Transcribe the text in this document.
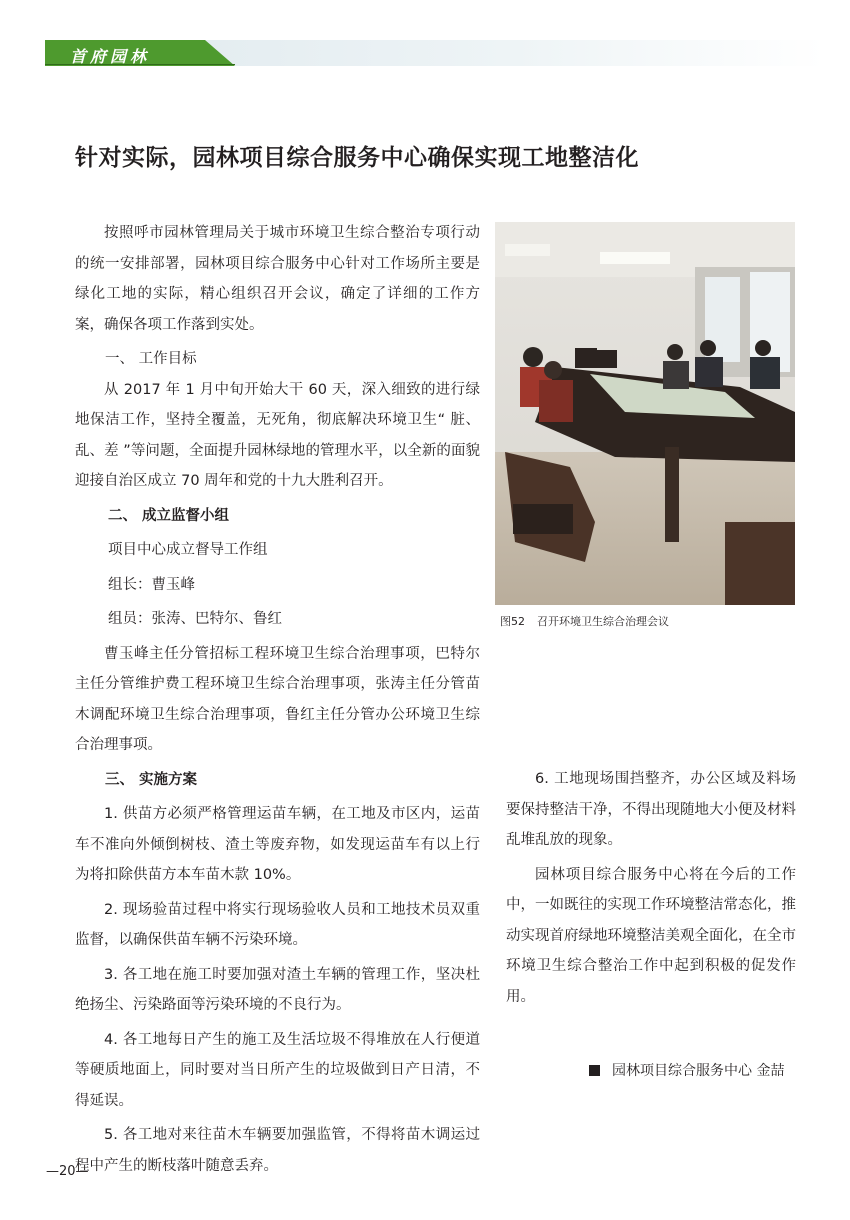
首府园林
针对实际，园林项目综合服务中心确保实现工地整洁化

按照呼市园林管理局关于城市环境卫生综合整治专项行动的统一安排部署，园林项目综合服务中心针对工作场所主要是绿化工地的实际，精心组织召开会议，确定了详细的工作方案，确保各项工作落到实处。

一、 工作目标

从 2017 年 1 月中旬开始大干 60 天，深入细致的进行绿地保洁工作，坚持全覆盖，无死角，彻底解决环境卫生“ 脏、乱、差 ”等问题，全面提升园林绿地的管理水平，以全新的面貌迎接自治区成立 70 周年和党的十九大胜利召开。

二、 成立监督小组

项目中心成立督导工作组

组长：曹玉峰

组员：张涛、巴特尔、鲁红

曹玉峰主任分管招标工程环境卫生综合治理事项，巴特尔主任分管维护费工程环境卫生综合治理事项，张涛主任分管苗木调配环境卫生综合治理事项，鲁红主任分管办公环境卫生综合治理事项。

三、 实施方案

1. 供苗方必须严格管理运苗车辆，在工地及市区内，运苗车不准向外倾倒树枝、渣土等废弃物，如发现运苗车有以上行为将扣除供苗方本车苗木款 10%。

2. 现场验苗过程中将实行现场验收人员和工地技术员双重监督，以确保供苗车辆不污染环境。

3. 各工地在施工时要加强对渣土车辆的管理工作，坚决杜绝扬尘、污染路面等污染环境的不良行为。

4. 各工地每日产生的施工及生活垃圾不得堆放在人行便道等硬质地面上，同时要对当日所产生的垃圾做到日产日清，不得延误。

5. 各工地对来往苗木车辆要加强监管，不得将苗木调运过程中产生的断枝落叶随意丢弃。

图52 召开环境卫生综合治理会议

6. 工地现场围挡整齐，办公区域及料场要保持整洁干净，不得出现随地大小便及材料乱堆乱放的现象。

园林项目综合服务中心将在今后的工作中，一如既往的实现工作环境整洁常态化，推动实现首府绿地环境整洁美观全面化，在全市环境卫生综合整治工作中起到积极的促发作用。

园林项目综合服务中心 金喆
—20—
